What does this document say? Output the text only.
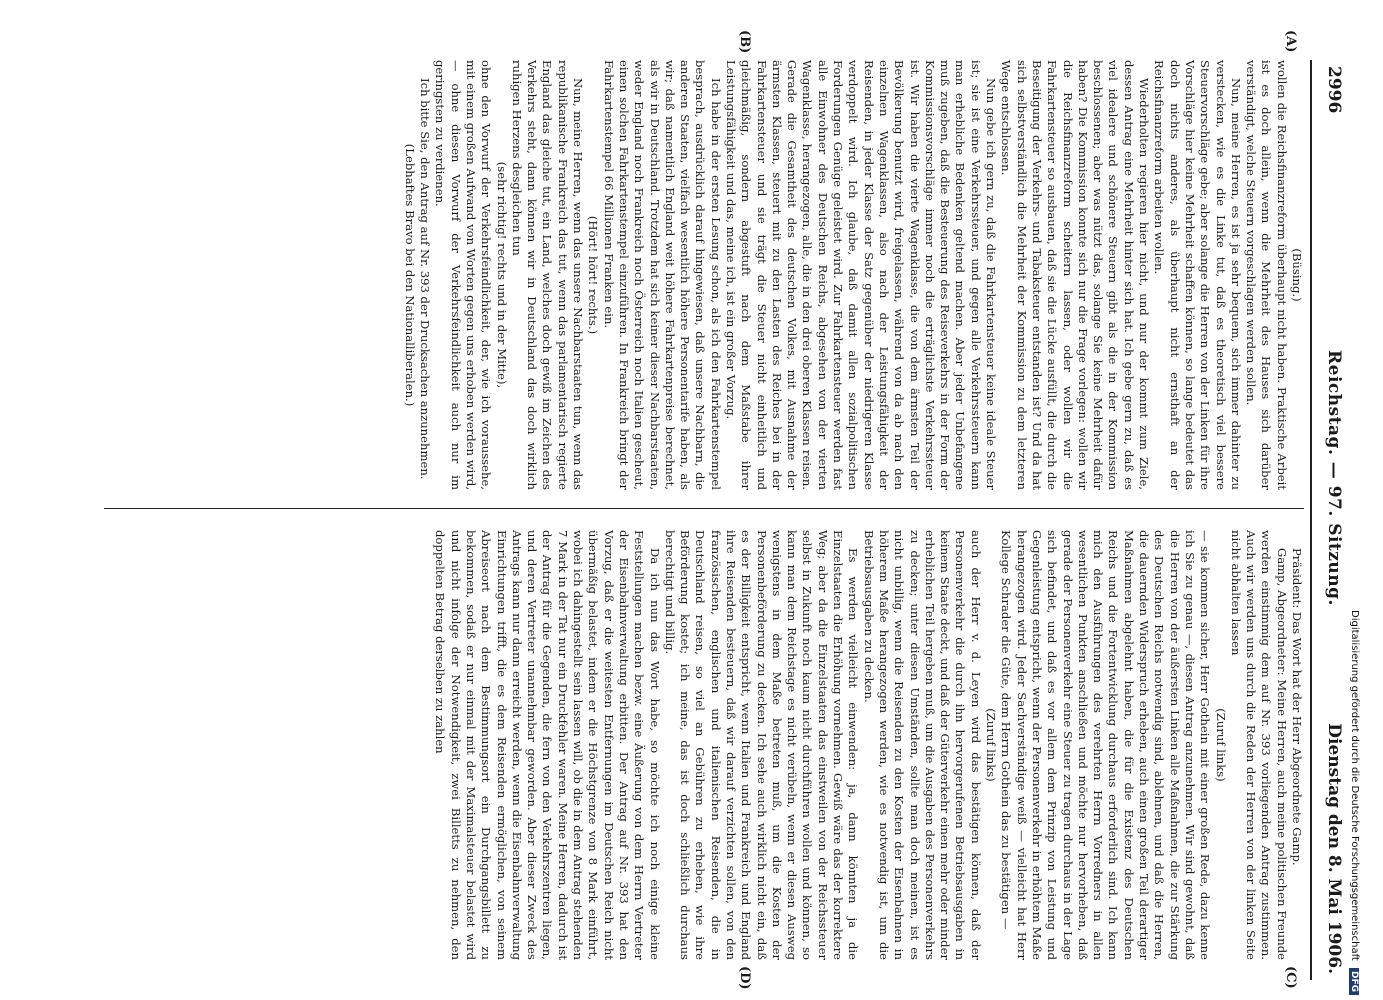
2996
Reichstag. — 97. Sitzung.
Dienstag den 8. Mai 1906.
(A)
(B)
(C)
(D)

(Büsing.)

wollen die Reichsfinanzreform überhaupt nicht haben. Praktische Arbeit ist es doch allein, wenn die Mehrheit des Hauses sich darüber verständigt, welche Steuern vorgeschlagen werden sollen.

Nun, meine Herren, es ist ja sehr bequem, sich immer dahinter zu verstecken, wie es die Linke tut, daß es theoretisch viel bessere Steuervorschläge gebe; aber solange die Herren von der Linken für ihre Vorschläge hier keine Mehrheit schaffen können, so lange bedeutet das doch nichts anderes, als überhaupt nicht ernsthaft an der Reichsfinanzreform arbeiten wollen.

Wiederholten regieren hier nicht, und nur der kommt zum Ziele, dessen Antrag eine Mehrheit hinter sich hat. Ich gebe gern zu, daß es viel idealere und schönere Steuern gibt als die in der Kommission beschlossenen; aber was nützt das, solange Sie keine Mehrheit dafür haben? Die Kommission konnte sich nur die Frage vorlegen: wollen wir die Reichsfinanzreform scheitern lassen, oder wollen wir die Fahrkartensteuer so ausbauen, daß sie die Lücke ausfüllt, die durch die Beseitigung der Verkehrs- und Tabaksteuer entstanden ist? Und da hat sich selbstverständlich die Mehrheit der Kommission zu dem letzteren Wege entschlossen.

Nun gebe ich gern zu, daß die Fahrkartensteuer keine ideale Steuer ist; sie ist eine Verkehrssteuer, und gegen alle Verkehrssteuern kann man erhebliche Bedenken geltend machen. Aber jeder Unbefangene muß zugeben, daß die Besteuerung des Reiseverkehrs in der Form der Kommissionsvorschläge immer noch die erträglichste Verkehrssteuer ist. Wir haben die vierte Wagenklasse, die von dem ärmsten Teil der Bevölkerung benutzt wird, freigelassen, während von da ab nach den einzelnen Wagenklassen, also nach der Leistungsfähigkeit der Reisenden, in jeder Klasse der Satz gegenüber der niedrigeren Klasse verdoppelt wird. Ich glaube, daß damit allen sozialpolitischen Forderungen Genüge geleistet wird. Zur Fahrkartensteuer werden fast alle Einwohner des Deutschen Reichs, abgesehen von der vierten Wagenklasse, herangezogen, alle, die in den drei oberen Klassen reisen. Gerade die Gesamtheit des deutschen Volkes, mit Ausnahme der ärmsten Klassen, steuert mit zu den Lasten des Reiches bei in der Fahrkartensteuer und sie trägt die Steuer nicht einheitlich und gleichmäßig, sondern abgestuft nach dem Maßstabe ihrer Leistungsfähigkeit und das, meine ich, ist ein großer Vorzug.

Ich habe in der ersten Lesung schon, als ich den Fahrkartenstempel besprach, ausdrücklich darauf hingewiesen, daß unsere Nachbarn, die anderen Staaten, vielfach wesentlich höhere Personentarife haben, als wir; daß namentlich England weit höhere Fahrkartenpreise berechnet, als wir in Deutschland. Trotzdem hat sich keiner dieser Nachbarstaaten, weder England noch Frankreich noch Österreich noch Italien gescheut, einen solchen Fahrkartenstempel einzuführen. In Frankreich bringt der Fahrkartenstempel 66 Millionen Franken ein.

(Hört! hört! rechts.)

Nun, meine Herren, wenn das unsere Nachbarstaaten tun, wenn das republikanische Frankreich das tut, wenn das parlamentarisch regierte England das gleiche tut, ein Land, welches doch gewiß im Zeichen des Verkehrs steht, dann können wir in Deutschland das doch wirklich ruhigen Herzens desgleichen tun

(sehr richtig! rechts und in der Mitte),

ohne den Vorwurf der Verkehrsfeindlichkeit, der, wie ich voraussehe, mit einem großen Aufwand von Worten gegen uns erhoben werden wird, — ohne diesen Vorwurf der Verkehrsfeindlichkeit auch nur im geringsten zu verdienen.

Ich bitte Sie, den Antrag auf Nr. 393 der Drucksachen anzunehmen.

(Lebhaftes Bravo bei den Nationalliberalen.)

Präsident: Das Wort hat der Herr Abgeordnete Gamp.

Gamp, Abgeordneter: Meine Herren, auch meine politischen Freunde werden einstimmig dem auf Nr. 393 vorliegenden Antrag zustimmen. Auch wir werden uns durch die Reden der Herren von der linken Seite nicht abhalten lassen

(Zuruf links)

— sie kommen sicher, Herr Gothein mit einer großen Rede, dazu kenne ich Sie zu genau —, diesen Antrag anzunehmen. Wir sind gewohnt, daß die Herren von der äußersten Linken alle Maßnahmen, die zur Stärkung des Deutschen Reichs notwendig sind, ablehnen, und daß die Herren, die dauernden Widerspruch erheben, auch einen großen Teil derartiger Maßnahmen abgelehnt haben, die für die Existenz des Deutschen Reichs und die Fortentwicklung durchaus erforderlich sind. Ich kann mich den Ausführungen des verehrten Herrn Vorredners in allen wesentlichen Punkten anschließen und möchte nur hervorheben, daß gerade der Personenverkehr eine Steuer zu tragen durchaus in der Lage sich befindet, und daß es vor allem dem Prinzip von Leistung und Gegenleistung entspricht, wenn der Personenverkehr in erhöhtem Maße herangezogen wird. Jeder Sachverständige weiß — vielleicht hat Herr Kollege Schrader die Güte, dem Herrn Gothein das zu bestätigen —

(Zuruf links)

auch der Herr v. d. Leyen wird das bestätigen können, daß der Personenverkehr die durch ihn hervorgerufenen Betriebsausgaben in keinem Staate deckt, und daß der Güterverkehr einen mehr oder minder erheblichen Teil hergeben muß, um die Ausgaben des Personenverkehrs zu decken; unter diesen Umständen, sollte man doch meinen, ist es nicht unbillig, wenn die Reisenden zu den Kosten der Eisenbahnen in höherem Maße herangezogen werden, wie es notwendig ist, um die Betriebsausgaben zu decken.

Es werden vielleicht einwenden: ja, dann könnten ja die Einzelstaaten die Erhöhung vornehmen. Gewiß wäre das der korrektere Weg; aber da die Einzelstaaten das einstweilen von der Reichssteuer selbst in Zukunft noch kaum nicht durchführen wollen und können, so kann man dem Reichstage es nicht verübeln, wenn er diesen Ausweg wenigstens in dem Maße betreten muß, um die Kosten der Personenbeförderung zu decken. Ich sehe auch wirklich nicht ein, daß es der Billigkeit entspricht, wenn Italien und Frankreich und England ihre Reisenden besteuern, daß wir darauf verzichten sollen, von den französischen, englischen und italienischen Reisenden, die in Deutschland reisen, so viel an Gebühren zu erheben, wie ihre Beförderung kostet; ich meine, das ist doch schließlich durchaus berechtigt und billig.

Da ich nun das Wort habe, so möchte ich noch einige kleine Feststellungen machen bezw. eine Äußerung von dem Herrn Vertreter der Eisenbahnverwaltung erbitten. Der Antrag auf Nr. 393 hat den Vorzug, daß er die weitesten Entfernungen im Deutschen Reich nicht übermäßig belastet, indem er die Höchstgrenze von 8 Mark einführt, wobei ich dahingestellt sein lassen will, ob die in dem Antrag stehenden 7 Mark in der Tat nur ein Druckfehler waren. Meine Herren, dadurch ist der Antrag für die Gegenden, die fern von den Verkehrszentren liegen, und deren Vertreter unannehmbar geworden. Aber dieser Zweck des Antrags kann nur dann erreicht werden, wenn die Eisenbahnverwaltung Einrichtungen trifft, die es dem Reisenden ermöglichen, von seinem Abreiseort nach dem Bestimmungsort ein Durchgangsbillett zu bekommen, sodaß er nur einmal mit der Maximalsteuer belastet wird und nicht infolge der Notwendigkeit, zwei Billetts zu nehmen, den doppelten Betrag derselben zu zahlen	Digitalisierung gefördert durch die Deutsche Forschungsgemeinschaft DFG
